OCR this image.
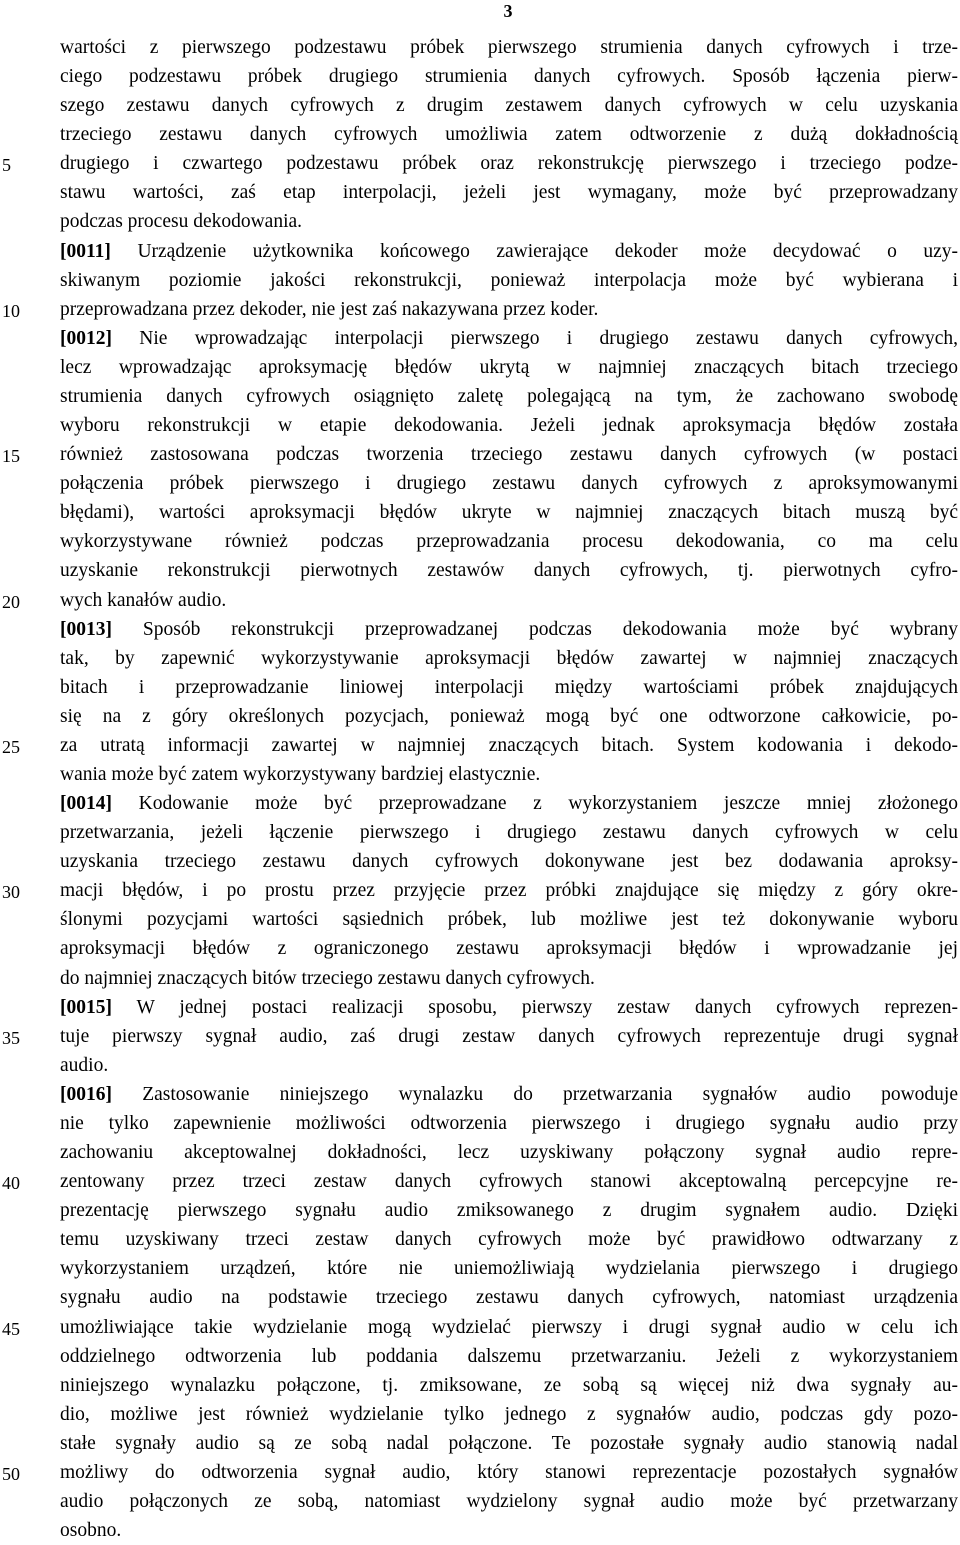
3
5
10
15
20
25
30
35
40
45
50
wartości z pierwszego podzestawu próbek pierwszego strumienia danych cyfrowych i trze-
ciego podzestawu próbek drugiego strumienia danych cyfrowych. Sposób łączenia pierw-
szego zestawu danych cyfrowych z drugim zestawem danych cyfrowych w celu uzyskania
trzeciego zestawu danych cyfrowych umożliwia zatem odtworzenie z dużą dokładnością
drugiego i czwartego podzestawu próbek oraz rekonstrukcję pierwszego i trzeciego podze-
stawu wartości, zaś etap interpolacji, jeżeli jest wymagany, może być przeprowadzany
podczas procesu dekodowania.
[0011] Urządzenie użytkownika końcowego zawierające dekoder może decydować o uzy-
skiwanym poziomie jakości rekonstrukcji, ponieważ interpolacja może być wybierana i
przeprowadzana przez dekoder, nie jest zaś nakazywana przez koder.
[0012] Nie wprowadzając interpolacji pierwszego i drugiego zestawu danych cyfrowych,
lecz wprowadzając aproksymację błędów ukrytą w najmniej znaczących bitach trzeciego
strumienia danych cyfrowych osiągnięto zaletę polegającą na tym, że zachowano swobodę
wyboru rekonstrukcji w etapie dekodowania. Jeżeli jednak aproksymacja błędów została
również zastosowana podczas tworzenia trzeciego zestawu danych cyfrowych (w postaci
połączenia próbek pierwszego i drugiego zestawu danych cyfrowych z aproksymowanymi
błędami), wartości aproksymacji błędów ukryte w najmniej znaczących bitach muszą być
wykorzystywane również podczas przeprowadzania procesu dekodowania, co ma celu
uzyskanie rekonstrukcji pierwotnych zestawów danych cyfrowych, tj. pierwotnych cyfro-
wych kanałów audio.
[0013] Sposób rekonstrukcji przeprowadzanej podczas dekodowania może być wybrany
tak, by zapewnić wykorzystywanie aproksymacji błędów zawartej w najmniej znaczących
bitach i przeprowadzanie liniowej interpolacji między wartościami próbek znajdujących
się na z góry określonych pozycjach, ponieważ mogą być one odtworzone całkowicie, po-
za utratą informacji zawartej w najmniej znaczących bitach. System kodowania i dekodo-
wania może być zatem wykorzystywany bardziej elastycznie.
[0014] Kodowanie może być przeprowadzane z wykorzystaniem jeszcze mniej złożonego
przetwarzania, jeżeli łączenie pierwszego i drugiego zestawu danych cyfrowych w celu
uzyskania trzeciego zestawu danych cyfrowych dokonywane jest bez dodawania aproksy-
macji błędów, i po prostu przez przyjęcie przez próbki znajdujące się między z góry okre-
ślonymi pozycjami wartości sąsiednich próbek, lub możliwe jest też dokonywanie wyboru
aproksymacji błędów z ograniczonego zestawu aproksymacji błędów i wprowadzanie jej
do najmniej znaczących bitów trzeciego zestawu danych cyfrowych.
[0015] W jednej postaci realizacji sposobu, pierwszy zestaw danych cyfrowych reprezen-
tuje pierwszy sygnał audio, zaś drugi zestaw danych cyfrowych reprezentuje drugi sygnał
audio.
[0016] Zastosowanie niniejszego wynalazku do przetwarzania sygnałów audio powoduje
nie tylko zapewnienie możliwości odtworzenia pierwszego i drugiego sygnału audio przy
zachowaniu akceptowalnej dokładności, lecz uzyskiwany połączony sygnał audio repre-
zentowany przez trzeci zestaw danych cyfrowych stanowi akceptowalną percepcyjne re-
prezentację pierwszego sygnału audio zmiksowanego z drugim sygnałem audio. Dzięki
temu uzyskiwany trzeci zestaw danych cyfrowych może być prawidłowo odtwarzany z
wykorzystaniem urządzeń, które nie uniemożliwiają wydzielania pierwszego i drugiego
sygnału audio na podstawie trzeciego zestawu danych cyfrowych, natomiast urządzenia
umożliwiające takie wydzielanie mogą wydzielać pierwszy i drugi sygnał audio w celu ich
oddzielnego odtworzenia lub poddania dalszemu przetwarzaniu. Jeżeli z wykorzystaniem
niniejszego wynalazku połączone, tj. zmiksowane, ze sobą są więcej niż dwa sygnały au-
dio, możliwe jest również wydzielanie tylko jednego z sygnałów audio, podczas gdy pozo-
stałe sygnały audio są ze sobą nadal połączone. Te pozostałe sygnały audio stanowią nadal
możliwy do odtworzenia sygnał audio, który stanowi reprezentacje pozostałych sygnałów
audio połączonych ze sobą, natomiast wydzielony sygnał audio może być przetwarzany
osobno.
